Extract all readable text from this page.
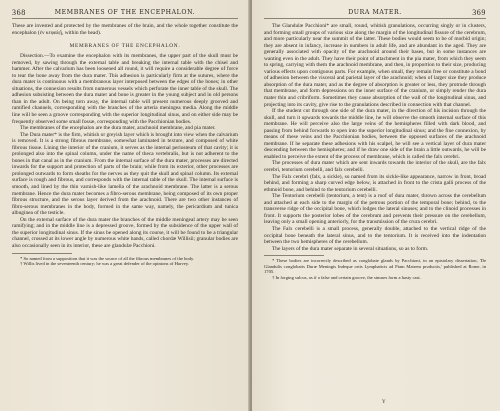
368	MEMBRANES OF THE ENCEPHALON.

These are invested and protected by the membranes of the brain, and the whole together constitute the encephalon (ἐν κεφαλῇ, within the head).

MEMBRANES OF THE ENCEPHALON.

Dissection.—To examine the encephalon with its membranes, the upper part of the skull must be removed, by sawing through the external table and breaking the internal table with the chisel and hammer. After the calvarium has been loosened all round, it will require a considerable degree of force to tear the bone away from the dura mater. This adhesion is particularly firm at the sutures, where the dura mater is continuous with a membranous layer interposed between the edges of the bones; in other situations, the connexion results from numerous vessels which perforate the inner table of the skull. The adhesion subsisting between the dura mater and bone is greater in the young subject and in old persons than in the adult. On being torn away, the internal table will present numerous deeply grooved and ramified channels, corresponding with the branches of the arteria meningea media. Along the middle line will be seen a groove corresponding with the superior longitudinal sinus, and on either side may be frequently observed some small fossæ, corresponding with the Pacchionian bodies.

The membranes of the encephalon are the dura mater, arachnoid membrane, and pia mater.

The Dura mater* is the firm, whitish or greyish layer which is brought into view when the calvarium is removed. It is a strong fibrous membrane, somewhat laminated in texture, and composed of white fibrous tissue. Lining the interior of the cranium, it serves as the internal periosteum of that cavity; it is prolonged also into the spinal column, under the name of theca vertebralis, but is not adherent to the bones in that canal as in the cranium. From the internal surface of the dura mater, processes are directed inwards for the support and protection of parts of the brain; while from its exterior, other processes are prolonged outwards to form sheaths for the nerves as they quit the skull and spinal column. Its external surface is rough and fibrous, and corresponds with the internal table of the skull. The internal surface is smooth, and lined by the thin varnish-like lamella of the arachnoid membrane. The latter is a serous membrane. Hence the dura mater becomes a fibro-serous membrane, being composed of its own proper fibrous structure, and the serous layer derived from the arachnoid. There are two other instances of fibro-serous membranes in the body, formed in the same way, namely, the pericardium and tunica albuginea of the testicle.

On the external surface of the dura mater the branches of the middle meningeal artery may be seen ramifying; and in the middle line is a depressed groove, formed by the subsidence of the upper wall of the superior longitudinal sinus. If the sinus be opened along its course, it will be found to be a triangular channel, crossed at its lower angle by numerous white bands, called chordæ Willisii; granular bodies are also occasionally seen in its interior, these are glandulæ Pacchioni.

* So named from a supposition that it was the source of all the fibrous membranes of the body.

† Willis lived in the seventeenth century; he was a great defender of the opinions of Harvey.

DURA MATER.	369

The Glandulæ Pacchioni* are small, round, whitish granulations, occurring singly or in clusters, and forming small groups of various size along the margin of the longitudinal fissure of the cerebrum, and more particularly near the summit of the latter. These bodies would seem to be of morbid origin; they are absent in infancy, increase in numbers in adult life, and are abundant in the aged. They are generally associated with opacity of the arachnoid around their bases, but in some instances are wanting even in the adult. They have their point of attachment in the pia mater, from which they seem to spring, carrying with them the arachnoid membrane, and then, in proportion to their size, producing various effects upon contiguous parts. For example, when small, they remain free or constitute a bond of adhesion between the visceral and parietal layer of the arachnoid; when of larger size they produce absorption of the dura mater, and as the degree of absorption is greater or less, they protrude through that membrane, and form depressions on the inner surface of the cranium, or simply render the dura mater thin and cribriform. Sometimes they cause absorption of the wall of the longitudinal sinus, and projecting into its cavity, give rise to the granulations described in connection with that channel.

If the student cut through one side of the dura mater, in the direction of his incision through the skull, and turn it upwards towards the middle line, he will observe the smooth internal surface of this membrane. He will perceive also the large veins of the hemispheres filled with dark blood, and passing from behind forwards to open into the superior longitudinal sinus; and the fine connexion, by means of these veins and the Pacchionian bodies, between the opposed surfaces of the arachnoid membrane. If he separate these adhesions with his scalpel, he will see a vertical layer of dura mater descending between the hemispheres; and if he draw one side of the brain a little outwards, he will be enabled to perceive the extent of the process of membrane, which is called the falx cerebri.

The processes of dura mater which are sent inwards towards the interior of the skull, are the falx cerebri, tentorium cerebelli, and falx cerebelli.

The Falx cerebri (falx, a sickle), so named from its sickle-like appearance, narrow in front, broad behind, and forming a sharp curved edge below, is attached in front to the crista galli process of the ethmoid bone, and behind to the tentorium cerebelli.

The Tentorium cerebelli (tentorium, a tent) is a roof of dura mater, thrown across the cerebellum and attached at each side to the margin of the petrous portion of the temporal bone; behind, to the transverse ridge of the occipital bone, which lodges the lateral sinuses; and to the clinoid processes in front. It supports the posterior lobes of the cerebrum and prevents their pressure on the cerebellum, leaving only a small opening anteriorly, for the transmission of the crura cerebri.

The Falx cerebelli is a small process, generally double, attached to the vertical ridge of the occipital bone beneath the lateral sinus, and to the tentorium. It is received into the indentation between the two hemispheres of the cerebellum.

The layers of the dura mater separate in several situations, so as to form.

* These bodies are incorrectly described as conglobate glands by Pacchioni, in an epistolary dissertation, 'De Glandulis conglobatis Duræ Meningis Indeque ortis Lymphaticis ad Piam Matrem productis,' published at Rome, in 1705.

† In forging sulcus, as if a false and certain groove, the sinuses form a hasty cast.

Y
